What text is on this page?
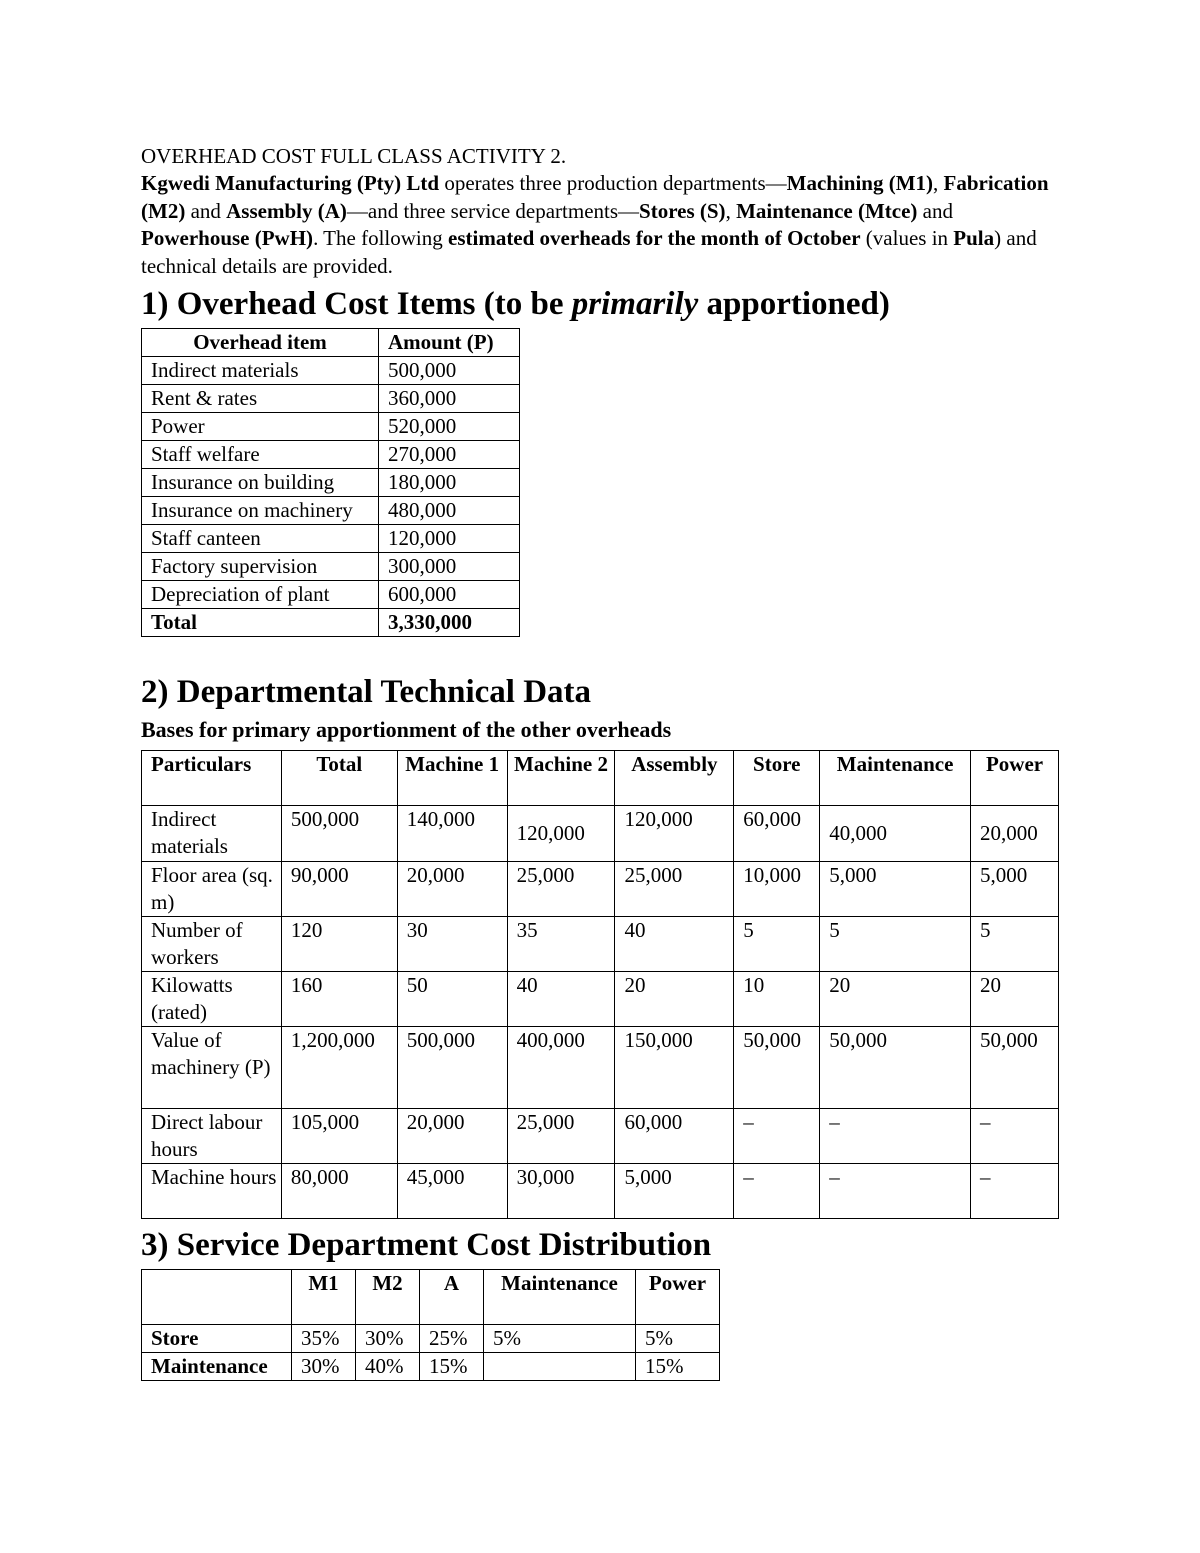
OVERHEAD COST FULL CLASS ACTIVITY 2.

Kgwedi Manufacturing (Pty) Ltd operates three production departments—Machining (M1), Fabrication (M2) and Assembly (A)—and three service departments—Stores (S), Maintenance (Mtce) and Powerhouse (PwH). The following estimated overheads for the month of October (values in Pula) and technical details are provided.

1) Overhead Cost Items (to be primarily apportioned)
Overhead item	Amount (P)
Indirect materials	500,000
Rent & rates	360,000
Power	520,000
Staff welfare	270,000
Insurance on building	180,000
Insurance on machinery	480,000
Staff canteen	120,000
Factory supervision	300,000
Depreciation of plant	600,000
Total	3,330,000
2) Departmental Technical Data
Bases for primary apportionment of the other overheads
Particulars	Total	Machine 1	Machine 2	Assembly	Store	Maintenance	Power
Indirect materials	500,000	140,000	120,000	120,000	60,000	40,000	20,000
Floor area (sq. m)	90,000	20,000	25,000	25,000	10,000	5,000	5,000
Number of workers	120	30	35	40	5	5	5
Kilowatts (rated)	160	50	40	20	10	20	20
Value of machinery (P)	1,200,000	500,000	400,000	150,000	50,000	50,000	50,000
Direct labour hours	105,000	20,000	25,000	60,000	–	–	–
Machine hours	80,000	45,000	30,000	5,000	–	–	–
3) Service Department Cost Distribution
	M1	M2	A	Maintenance	Power
Store	35%	30%	25%	5%	5%
Maintenance	30%	40%	15%		15%
